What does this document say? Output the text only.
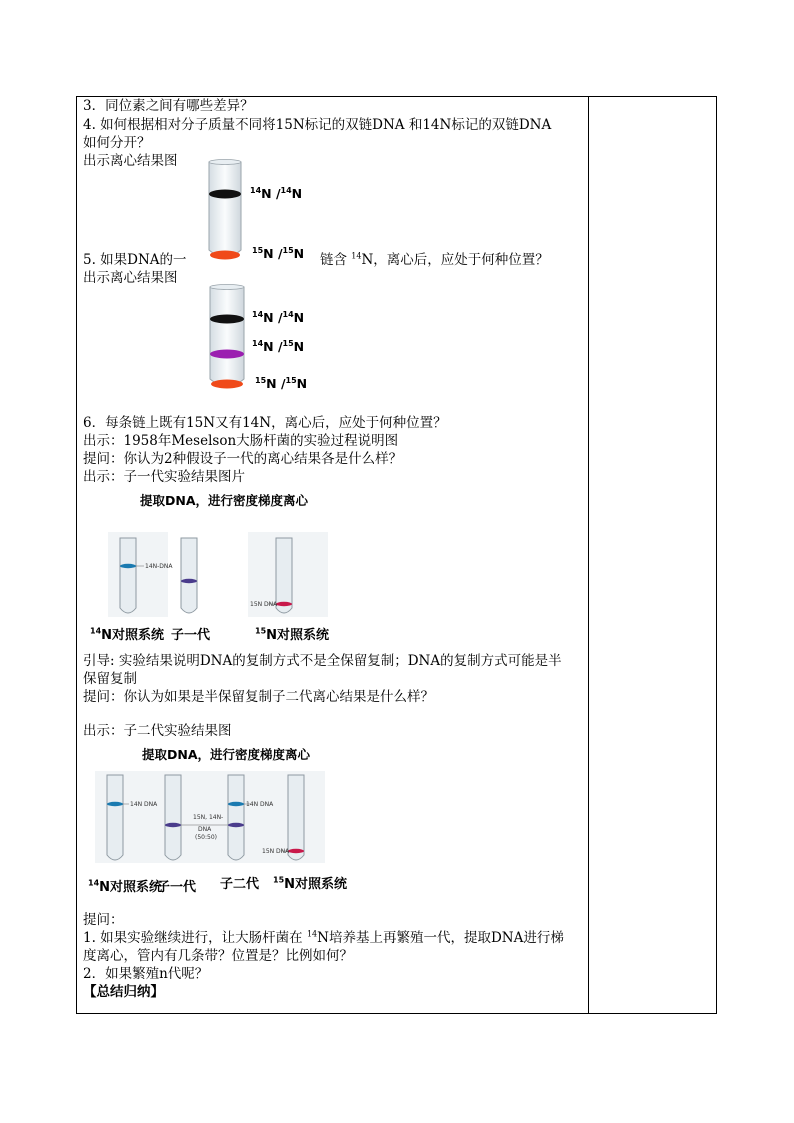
3．同位素之间有哪些差异？
4. 如何根据相对分子质量不同将15N标记的双链DNA 和14N标记的双链DNA
如何分开？
出示离心结果图
5. 如果DNA的一	链含 $^{14}$N，离心后，应处于何种位置？
出示离心结果图
6．每条链上既有15N又有14N，离心后，应处于何种位置？
出示：1958年Meselson大肠杆菌的实验过程说明图
提问：你认为2种假设子一代的离心结果各是什么样？
出示：子一代实验结果图片
引导: 实验结果说明DNA的复制方式不是全保留复制；DNA的复制方式可能是半
保留复制
提问：你认为如果是半保留复制子二代离心结果是什么样？
出示：子二代实验结果图
提问：
1. 如果实验继续进行，让大肠杆菌在 $^{14}$N培养基上再繁殖一代，提取DNA进行梯
度离心，管内有几条带？位置是？比例如何？
2．如果繁殖n代呢？
【总结归纳】
$^{14}$N /$^{14}$N
$^{15}$N /$^{15}$N
$^{14}$N /$^{14}$N
$^{14}$N /$^{15}$N
$^{15}$N /$^{15}$N
提取DNA，进行密度梯度离心
14N-DNA
15N DNA
$^{14}$N对照系统 子一代	$^{15}$N对照系统
提取DNA，进行密度梯度离心
14N DNA
15N, 14N-
DNA
(50:50)
14N DNA
15N DNA
$^{14}$N对照系统
子一代 子二代 $^{15}$N对照系统
